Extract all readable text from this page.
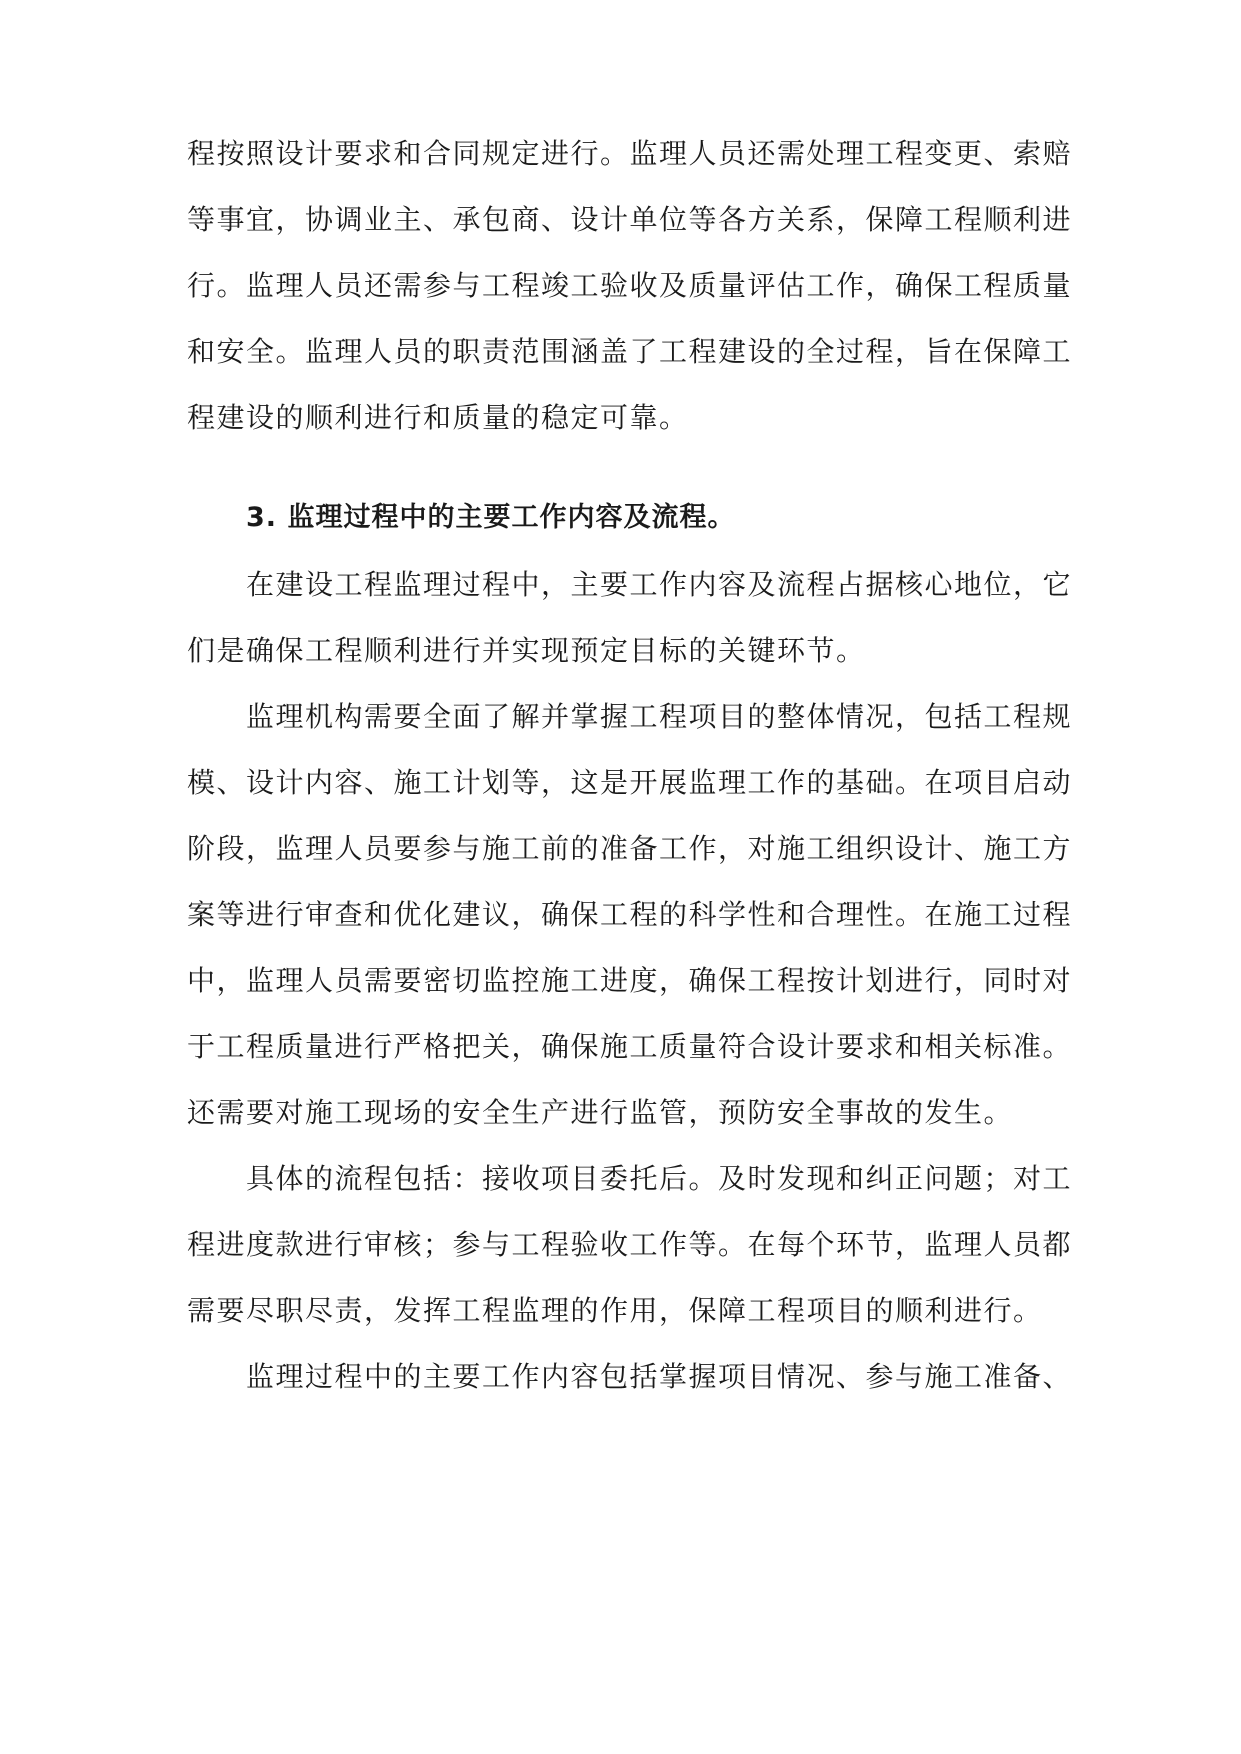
程按照设计要求和合同规定进行。监理人员还需处理工程变更、索赔

等事宜，协调业主、承包商、设计单位等各方关系，保障工程顺利进

行。监理人员还需参与工程竣工验收及质量评估工作，确保工程质量

和安全。监理人员的职责范围涵盖了工程建设的全过程，旨在保障工

程建设的顺利进行和质量的稳定可靠。

3. 监理过程中的主要工作内容及流程。

在建设工程监理过程中，主要工作内容及流程占据核心地位，它

们是确保工程顺利进行并实现预定目标的关键环节。

监理机构需要全面了解并掌握工程项目的整体情况，包括工程规

模、设计内容、施工计划等，这是开展监理工作的基础。在项目启动

阶段，监理人员要参与施工前的准备工作，对施工组织设计、施工方

案等进行审查和优化建议，确保工程的科学性和合理性。在施工过程

中，监理人员需要密切监控施工进度，确保工程按计划进行，同时对

于工程质量进行严格把关，确保施工质量符合设计要求和相关标准。

还需要对施工现场的安全生产进行监管，预防安全事故的发生。

具体的流程包括：接收项目委托后。及时发现和纠正问题；对工

程进度款进行审核；参与工程验收工作等。在每个环节，监理人员都

需要尽职尽责，发挥工程监理的作用，保障工程项目的顺利进行。

监理过程中的主要工作内容包括掌握项目情况、参与施工准备、
